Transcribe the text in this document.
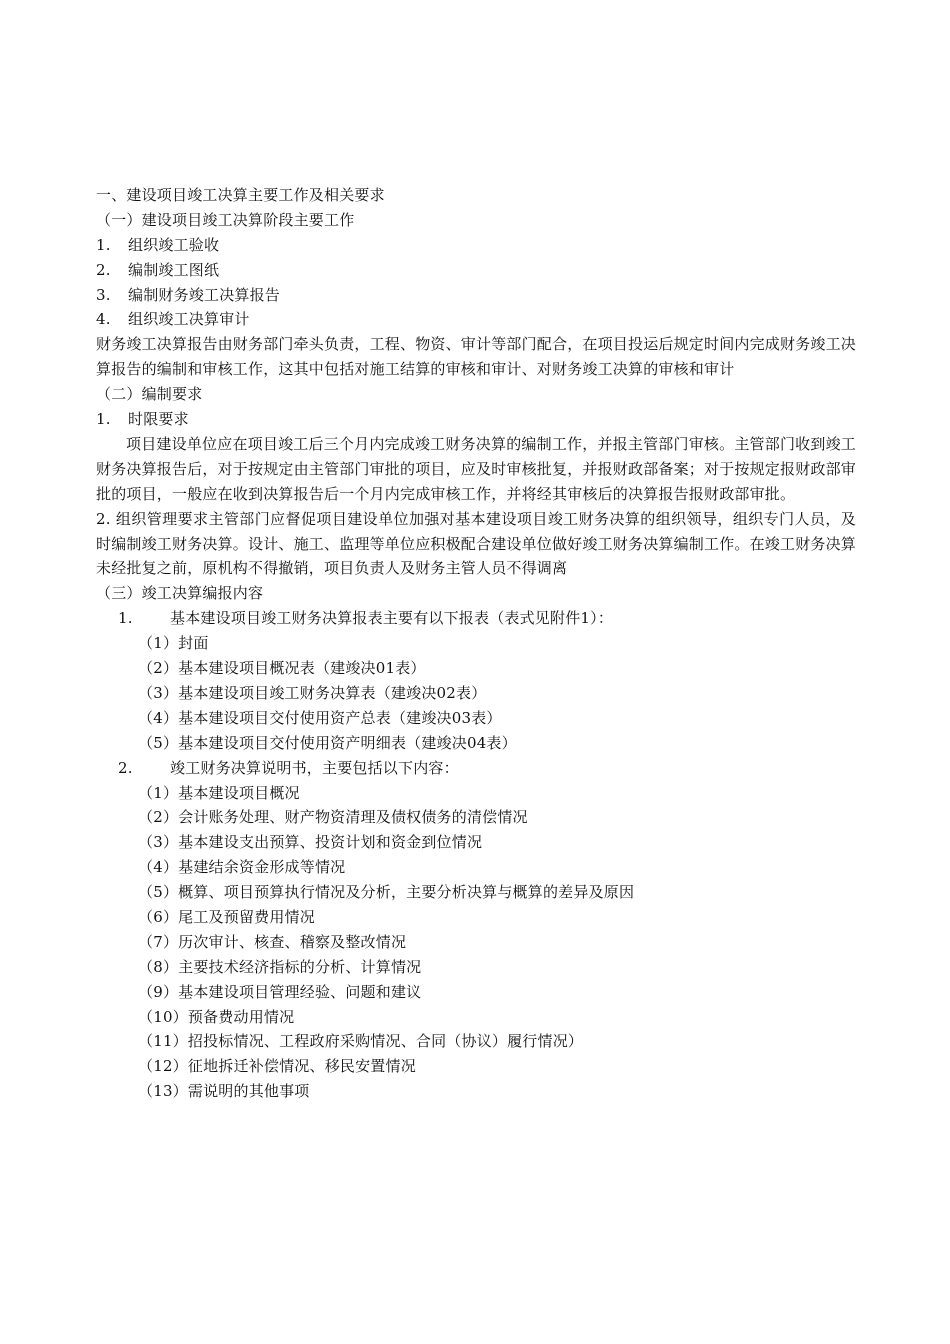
一、建设项目竣工决算主要工作及相关要求
（一）建设项目竣工决算阶段主要工作
1. 组织竣工验收
2. 编制竣工图纸
3. 编制财务竣工决算报告
4. 组织竣工决算审计

财务竣工决算报告由财务部门牵头负责，工程、物资、审计等部门配合，在项目投运后规定时间内完成财务竣工决算报告的编制和审核工作，这其中包括对施工结算的审核和审计、对财务竣工决算的审核和审计

（二）编制要求
1. 时限要求

项目建设单位应在项目竣工后三个月内完成竣工财务决算的编制工作，并报主管部门审核。主管部门收到竣工财务决算报告后，对于按规定由主管部门审批的项目，应及时审核批复，并报财政部备案；对于按规定报财政部审批的项目，一般应在收到决算报告后一个月内完成审核工作，并将经其审核后的决算报告报财政部审批。

2. 组织管理要求主管部门应督促项目建设单位加强对基本建设项目竣工财务决算的组织领导，组织专门人员，及时编制竣工财务决算。设计、施工、监理等单位应积极配合建设单位做好竣工财务决算编制工作。在竣工财务决算未经批复之前，原机构不得撤销，项目负责人及财务主管人员不得调离

（三）竣工决算编报内容
1. 基本建设项目竣工财务决算报表主要有以下报表（表式见附件1）：
（1）封面
（2）基本建设项目概况表（建竣决01表）
（3）基本建设项目竣工财务决算表（建竣决02表）
（4）基本建设项目交付使用资产总表（建竣决03表）
（5）基本建设项目交付使用资产明细表（建竣决04表）
2. 竣工财务决算说明书，主要包括以下内容：
（1）基本建设项目概况
（2）会计账务处理、财产物资清理及债权债务的清偿情况
（3）基本建设支出预算、投资计划和资金到位情况
（4）基建结余资金形成等情况
（5）概算、项目预算执行情况及分析，主要分析决算与概算的差异及原因
（6）尾工及预留费用情况
（7）历次审计、核查、稽察及整改情况
（8）主要技术经济指标的分析、计算情况
（9）基本建设项目管理经验、问题和建议
（10）预备费动用情况
（11）招投标情况、工程政府采购情况、合同（协议）履行情况）
（12）征地拆迁补偿情况、移民安置情况
（13）需说明的其他事项
